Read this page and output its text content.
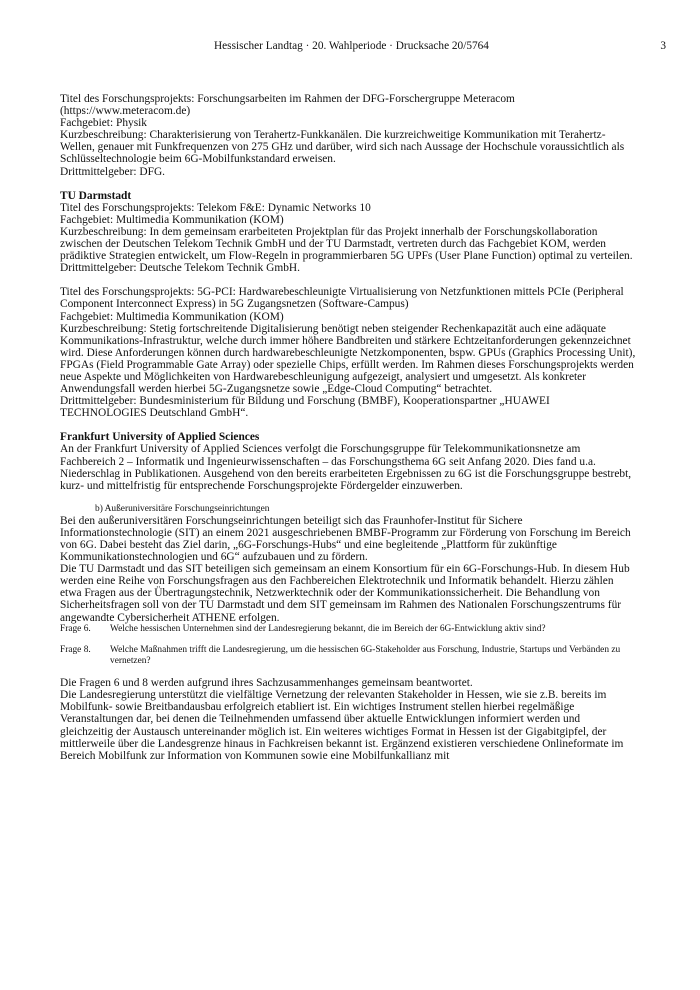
Hessischer Landtag · 20. Wahlperiode · Drucksache 20/5764	3

Titel des Forschungsprojekts: Forschungsarbeiten im Rahmen der DFG-Forschergruppe Meteracom (https://www.meteracom.de)

Fachgebiet: Physik

Kurzbeschreibung: Charakterisierung von Terahertz-Funkkanälen. Die kurzreichweitige Kommunikation mit Terahertz-Wellen, genauer mit Funkfrequenzen von 275 GHz und darüber, wird sich nach Aussage der Hochschule voraussichtlich als Schlüsseltechnologie beim 6G-Mobilfunkstandard erweisen.

Drittmittelgeber: DFG.

TU Darmstadt

Titel des Forschungsprojekts: Telekom F&E: Dynamic Networks 10

Fachgebiet: Multimedia Kommunikation (KOM)

Kurzbeschreibung: In dem gemeinsam erarbeiteten Projektplan für das Projekt innerhalb der Forschungskollaboration zwischen der Deutschen Telekom Technik GmbH und der TU Darmstadt, vertreten durch das Fachgebiet KOM, werden prädiktive Strategien entwickelt, um Flow-Regeln in programmierbaren 5G UPFs (User Plane Function) optimal zu verteilen.

Drittmittelgeber: Deutsche Telekom Technik GmbH.

Titel des Forschungsprojekts: 5G-PCI: Hardwarebeschleunigte Virtualisierung von Netzfunktionen mittels PCIe (Peripheral Component Interconnect Express) in 5G Zugangsnetzen (Software-Campus)

Fachgebiet: Multimedia Kommunikation (KOM)

Kurzbeschreibung: Stetig fortschreitende Digitalisierung benötigt neben steigender Rechenkapazität auch eine adäquate Kommunikations-Infrastruktur, welche durch immer höhere Bandbreiten und stärkere Echtzeitanforderungen gekennzeichnet wird. Diese Anforderungen können durch hardwarebeschleunigte Netzkomponenten, bspw. GPUs (Graphics Processing Unit), FPGAs (Field Programmable Gate Array) oder spezielle Chips, erfüllt werden. Im Rahmen dieses Forschungsprojekts werden neue Aspekte und Möglichkeiten von Hardwarebeschleunigung aufgezeigt, analysiert und umgesetzt. Als konkreter Anwendungsfall werden hierbei 5G-Zugangsnetze sowie „Edge-Cloud Computing“ betrachtet.

Drittmittelgeber: Bundesministerium für Bildung und Forschung (BMBF), Kooperationspartner „HUAWEI TECHNOLOGIES Deutschland GmbH“.

Frankfurt University of Applied Sciences

An der Frankfurt University of Applied Sciences verfolgt die Forschungsgruppe für Telekommunikationsnetze am Fachbereich 2 – Informatik und Ingenieurwissenschaften – das Forschungsthema 6G seit Anfang 2020. Dies fand u.a. Niederschlag in Publikationen. Ausgehend von den bereits erarbeiteten Ergebnissen zu 6G ist die Forschungsgruppe bestrebt, kurz- und mittelfristig für entsprechende Forschungsprojekte Fördergelder einzuwerben.

b) Außeruniversitäre Forschungseinrichtungen

Bei den außeruniversitären Forschungseinrichtungen beteiligt sich das Fraunhofer-Institut für Sichere Informationstechnologie (SIT) an einem 2021 ausgeschriebenen BMBF-Programm zur Förderung von Forschung im Bereich von 6G. Dabei besteht das Ziel darin, „6G-Forschungs-Hubs“ und eine begleitende „Plattform für zukünftige Kommunikationstechnologien und 6G“ aufzubauen und zu fördern.

Die TU Darmstadt und das SIT beteiligen sich gemeinsam an einem Konsortium für ein 6G-Forschungs-Hub. In diesem Hub werden eine Reihe von Forschungsfragen aus den Fachbereichen Elektrotechnik und Informatik behandelt. Hierzu zählen etwa Fragen aus der Übertragungstechnik, Netzwerktechnik oder der Kommunikationssicherheit. Die Behandlung von Sicherheitsfragen soll von der TU Darmstadt und dem SIT gemeinsam im Rahmen des Nationalen Forschungszentrums für angewandte Cybersicherheit ATHENE erfolgen.

Frage 6.	Welche hessischen Unternehmen sind der Landesregierung bekannt, die im Bereich der 6G-Entwicklung aktiv sind?
Frage 8.	Welche Maßnahmen trifft die Landesregierung, um die hessischen 6G-Stakeholder aus Forschung, Industrie, Startups und Verbänden zu vernetzen?

Die Fragen 6 und 8 werden aufgrund ihres Sachzusammenhanges gemeinsam beantwortet.

Die Landesregierung unterstützt die vielfältige Vernetzung der relevanten Stakeholder in Hessen, wie sie z.B. bereits im Mobilfunk- sowie Breitbandausbau erfolgreich etabliert ist. Ein wichtiges Instrument stellen hierbei regelmäßige Veranstaltungen dar, bei denen die Teilnehmenden umfassend über aktuelle Entwicklungen informiert werden und gleichzeitig der Austausch untereinander möglich ist. Ein weiteres wichtiges Format in Hessen ist der Gigabitgipfel, der mittlerweile über die Landesgrenze hinaus in Fachkreisen bekannt ist. Ergänzend existieren verschiedene Onlineformate im Bereich Mobilfunk zur Information von Kommunen sowie eine Mobilfunkallianz mit
